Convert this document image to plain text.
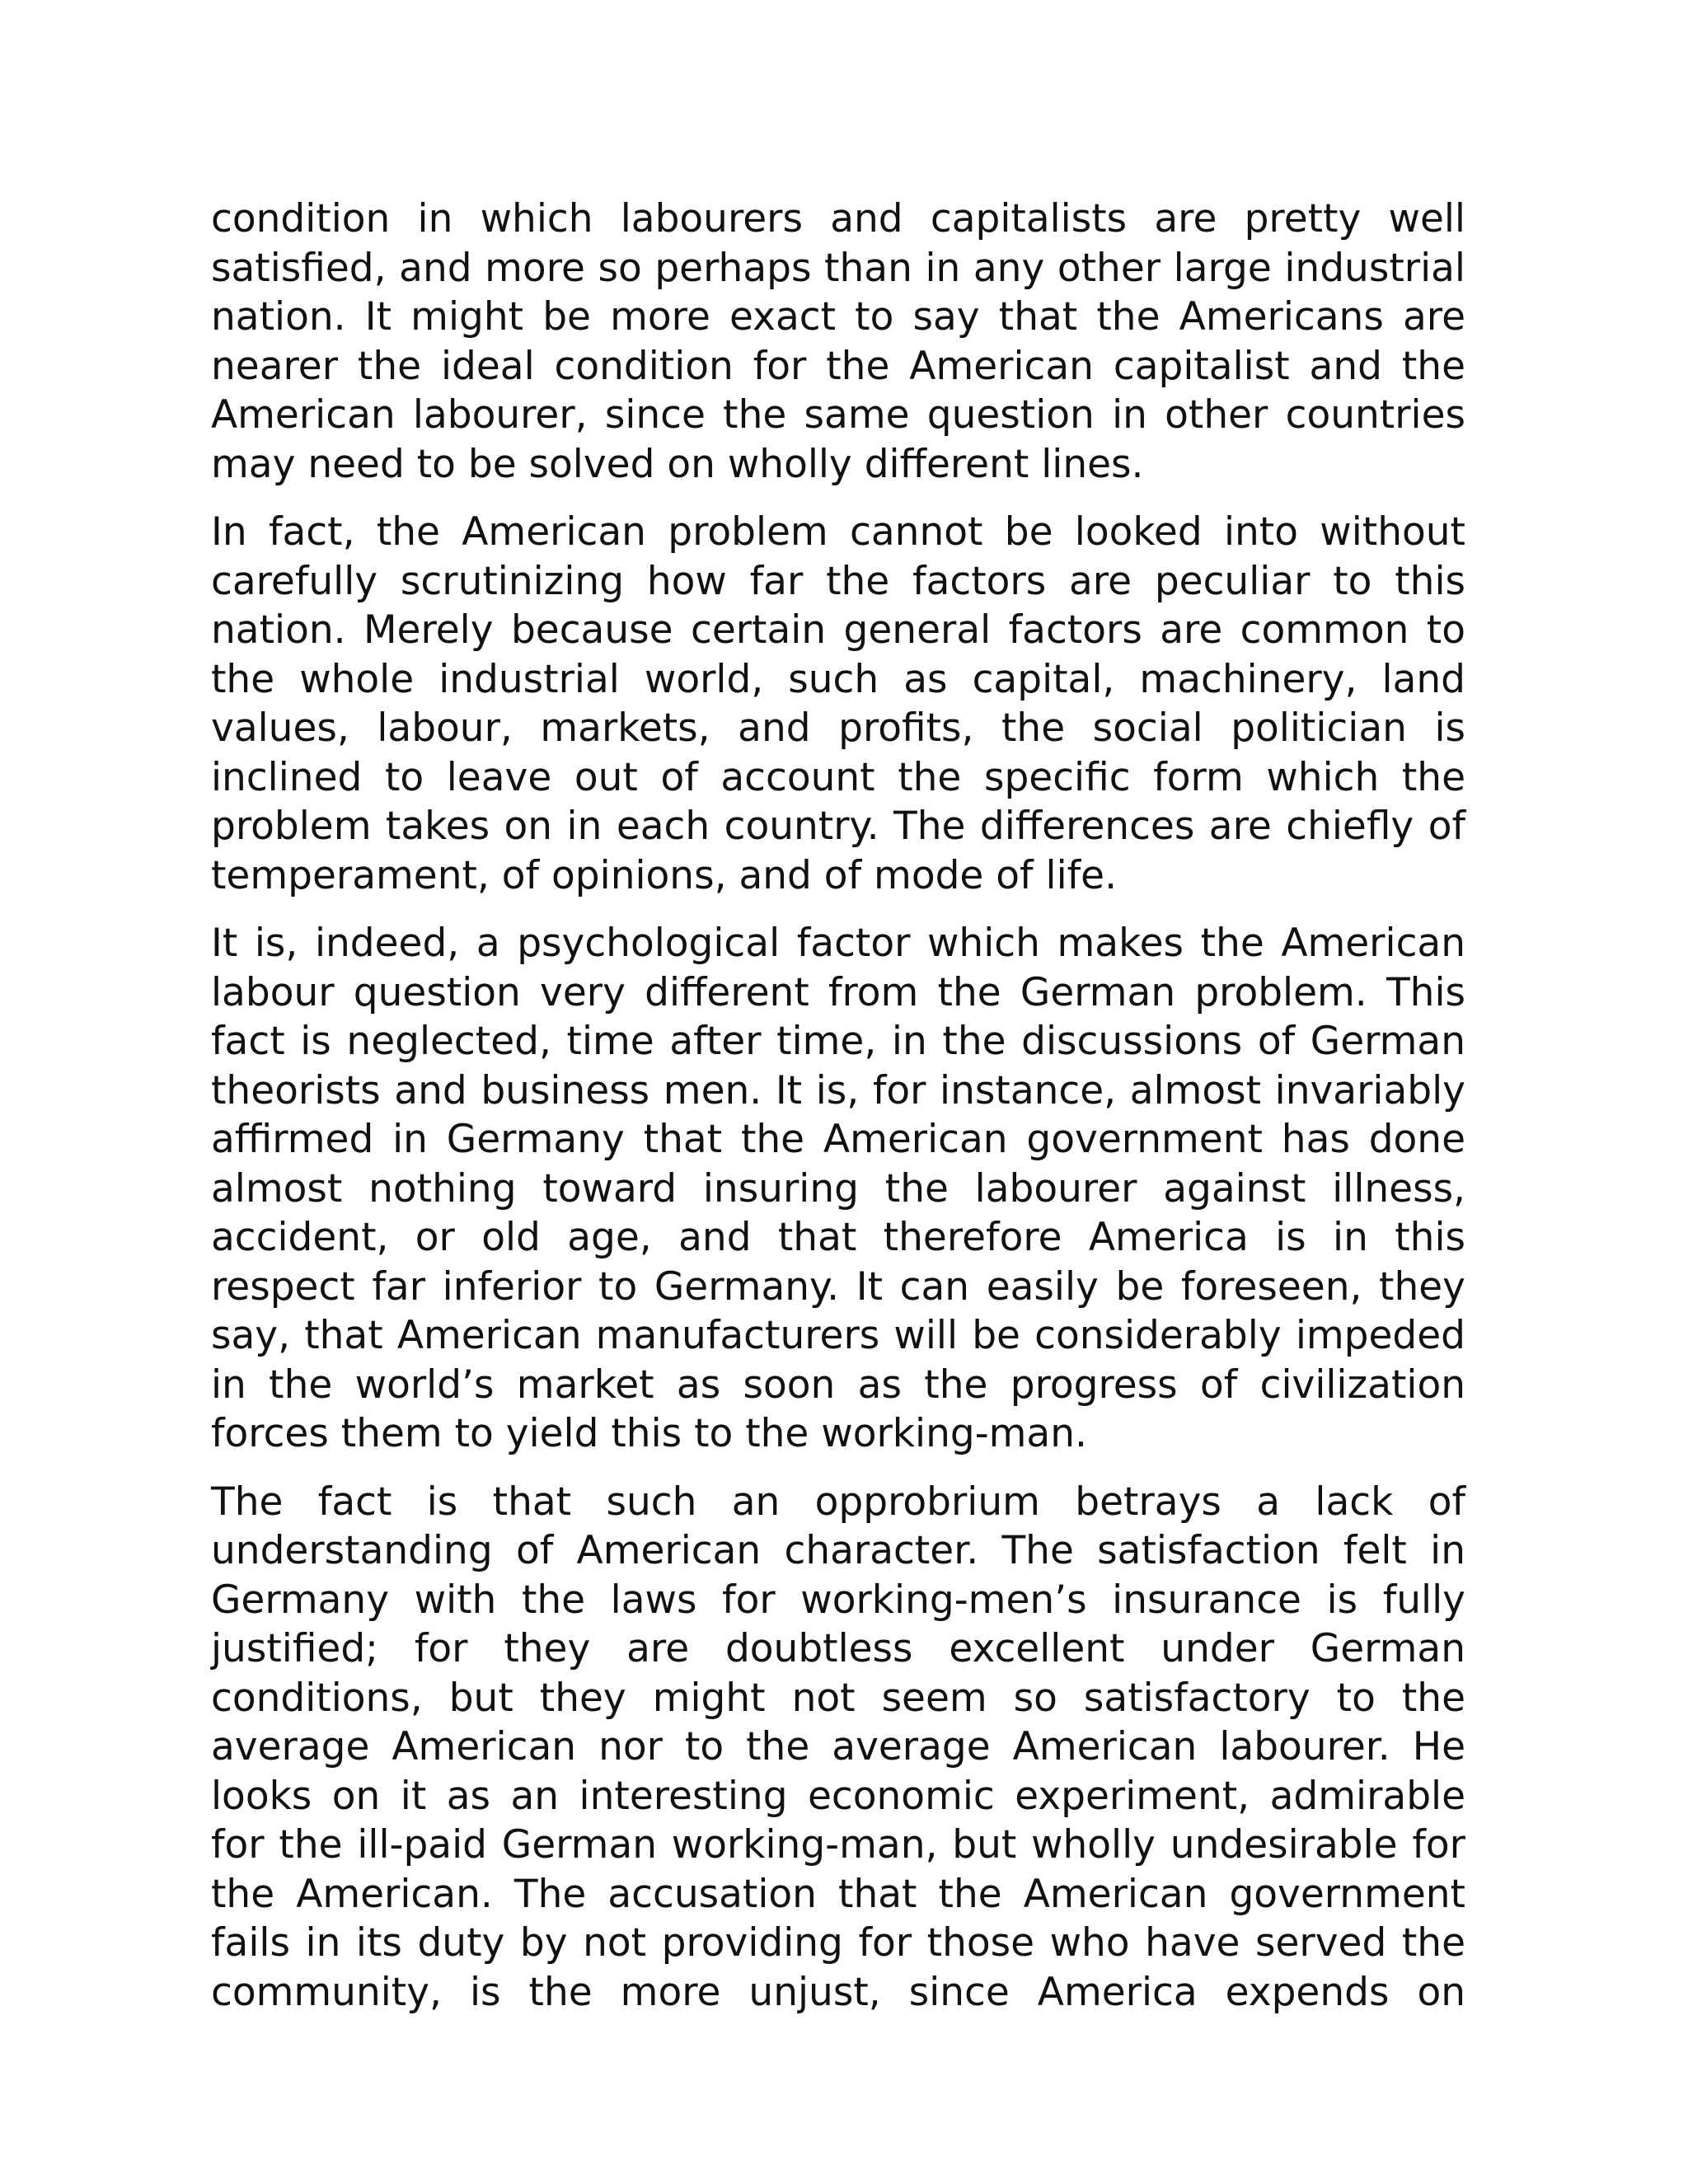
condition in which labourers and capitalists are pretty well satisfied, and more so perhaps than in any other large industrial nation. It might be more exact to say that the Americans are nearer the ideal condition for the American capitalist and the American labourer, since the same question in other countries may need to be solved on wholly different lines.

In fact, the American problem cannot be looked into without carefully scrutinizing how far the factors are peculiar to this nation. Merely because certain general factors are common to the whole industrial world, such as capital, machinery, land values, labour, markets, and profits, the social politician is inclined to leave out of account the specific form which the problem takes on in each country. The differences are chiefly of temperament, of opinions, and of mode of life.

It is, indeed, a psychological factor which makes the American labour question very different from the German problem. This fact is neglected, time after time, in the discussions of German theorists and business men. It is, for instance, almost invariably affirmed in Germany that the American government has done almost nothing toward insuring the labourer against illness, accident, or old age, and that therefore America is in this respect far inferior to Germany. It can easily be foreseen, they say, that American manufacturers will be considerably impeded in the world’s market as soon as the progress of civilization forces them to yield this to the working-man.

The fact is that such an opprobrium betrays a lack of understanding of American character. The satisfaction felt in Germany with the laws for working-men’s insurance is fully justified; for they are doubtless excellent under German conditions, but they might not seem so satisfactory to the average American nor to the average American labourer. He looks on it as an interesting economic experiment, admirable for the ill-paid German working-man, but wholly undesirable for the American. The accusation that the American government fails in its duty by not providing for those who have served the community, is the more unjust, since America expends on
